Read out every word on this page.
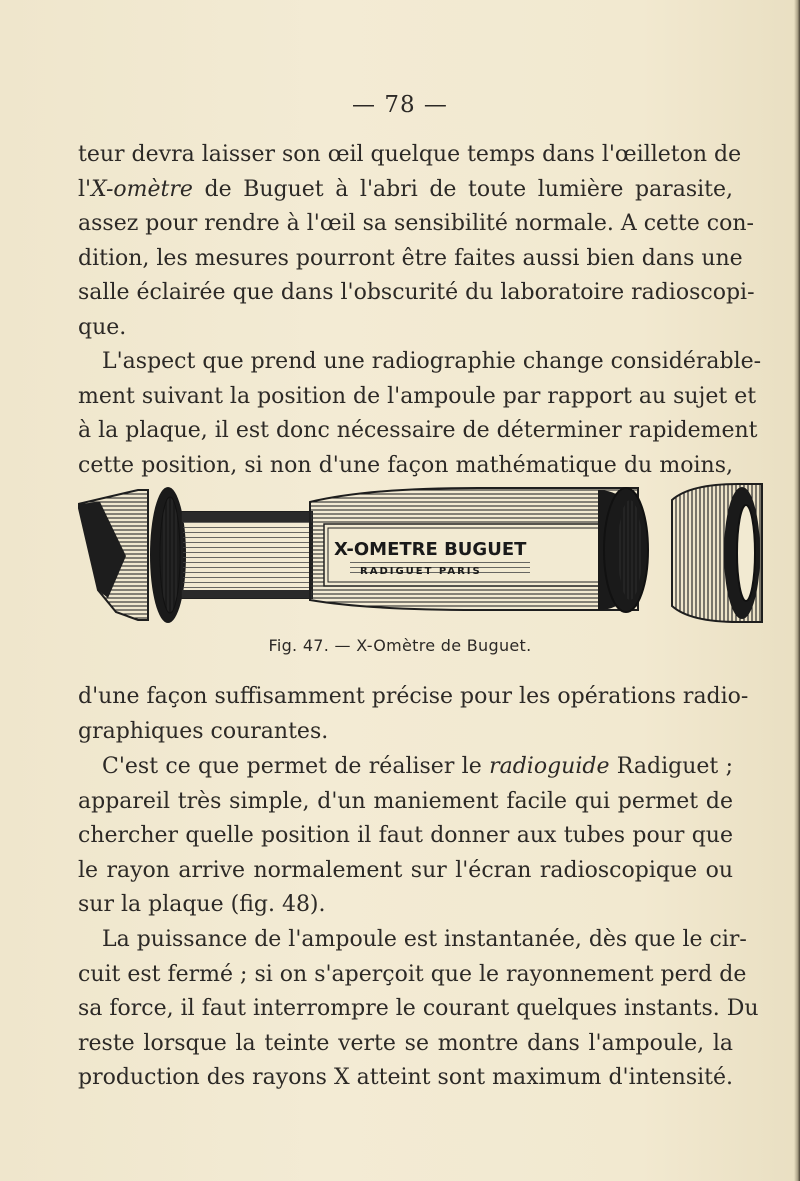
— 78 —
teur devra laisser son œil quelque temps dans l'œilleton de
l'X-omètre de Buguet à l'abri de toute lumière parasite,
assez pour rendre à l'œil sa sensibilité normale. A cette con-
dition, les mesures pourront être faites aussi bien dans une
salle éclairée que dans l'obscurité du laboratoire radioscopi-
que.
L'aspect que prend une radiographie change considérable-
ment suivant la position de l'ampoule par rapport au sujet et
à la plaque, il est donc nécessaire de déterminer rapidement
cette position, si non d'une façon mathématique du moins,
X-OMETRE BUGUET
RADIGUET PARIS
Fig. 47. — X-Omètre de Buguet.
d'une façon suffisamment précise pour les opérations radio-
graphiques courantes.
C'est ce que permet de réaliser le radioguide Radiguet ;
appareil très simple, d'un maniement facile qui permet de
chercher quelle position il faut donner aux tubes pour que
le rayon arrive normalement sur l'écran radioscopique ou
sur la plaque (fig. 48).
La puissance de l'ampoule est instantanée, dès que le cir-
cuit est fermé ; si on s'aperçoit que le rayonnement perd de
sa force, il faut interrompre le courant quelques instants. Du
reste lorsque la teinte verte se montre dans l'ampoule, la
production des rayons X atteint sont maximum d'intensité.
